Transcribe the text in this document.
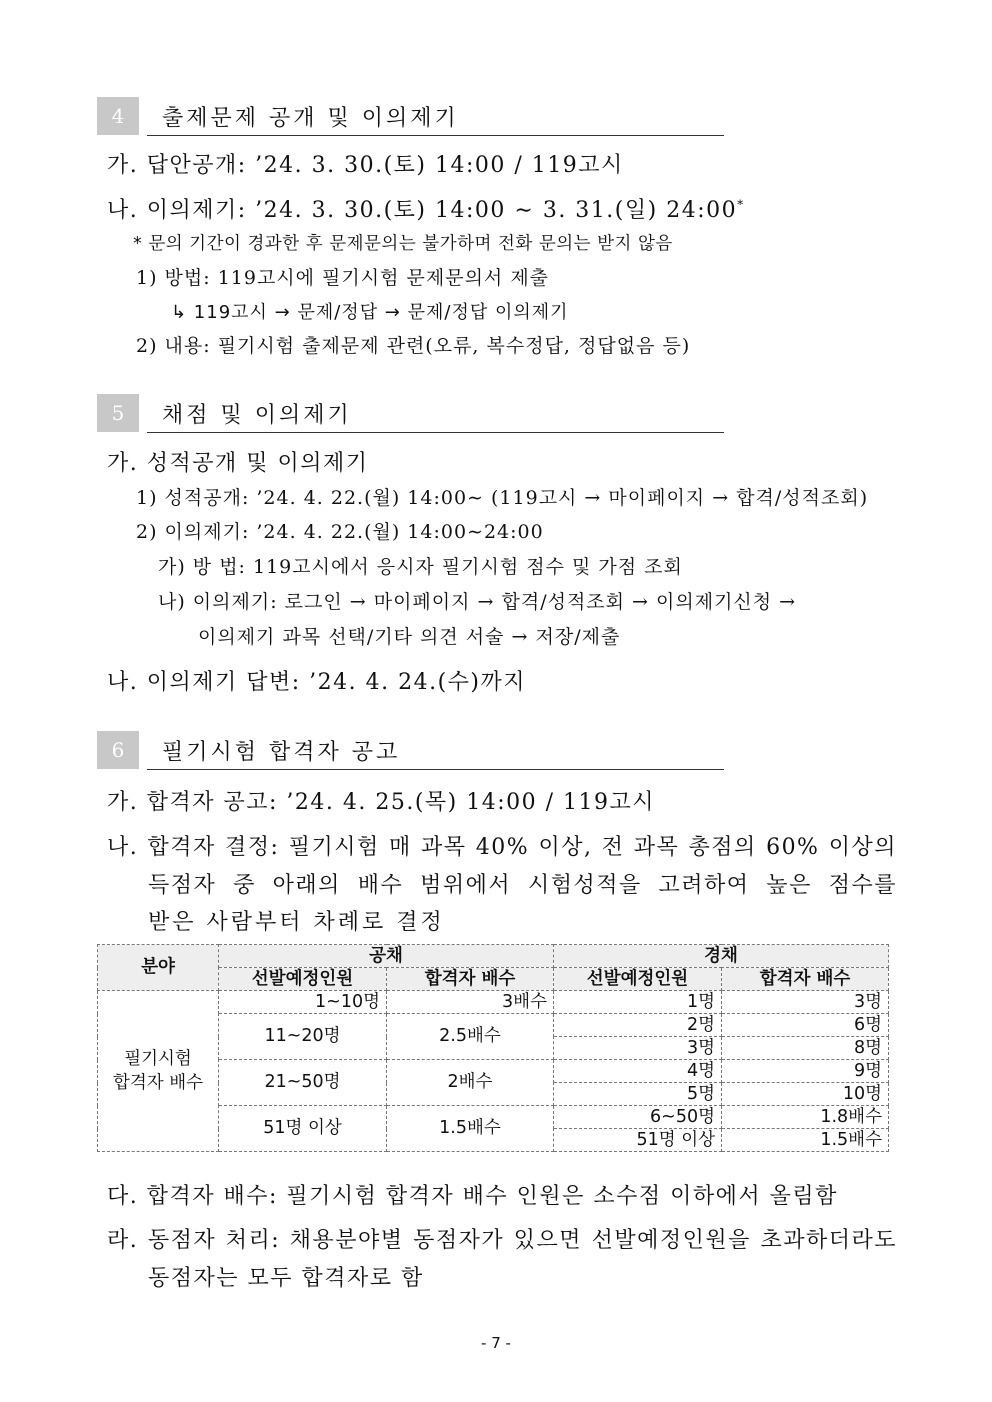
4	출제문제 공개 및 이의제기
가. 답안공개: ’24. 3. 30.(토) 14:00 / 119고시
나. 이의제기: ’24. 3. 30.(토) 14:00 ∼ 3. 31.(일) 24:00*
* 문의 기간이 경과한 후 문제문의는 불가하며 전화 문의는 받지 않음
1) 방법: 119고시에 필기시험 문제문의서 제출
↳ 119고시 → 문제/정답 → 문제/정답 이의제기
2) 내용: 필기시험 출제문제 관련(오류, 복수정답, 정답없음 등)
5	채점 및 이의제기
가. 성적공개 및 이의제기
1) 성적공개: ’24. 4. 22.(월) 14:00∼ (119고시 → 마이페이지 → 합격/성적조회)
2) 이의제기: ’24. 4. 22.(월) 14:00∼24:00
가) 방 법: 119고시에서 응시자 필기시험 점수 및 가점 조회
나) 이의제기: 로그인 → 마이페이지 → 합격/성적조회 → 이의제기신청 →
이의제기 과목 선택/기타 의견 서술 → 저장/제출
나. 이의제기 답변: ’24. 4. 24.(수)까지
6	필기시험 합격자 공고
가. 합격자 공고: ’24. 4. 25.(목) 14:00 / 119고시
나. 합격자 결정: 필기시험 매 과목 40% 이상, 전 과목 총점의 60% 이상의
득점자 중 아래의 배수 범위에서 시험성적을 고려하여 높은 점수를
받은 사람부터 차례로 결정
분야	공채		경채	
	선발예정인원	합격자 배수	선발예정인원	합격자 배수

필기시험
합격자 배수	1~10명	3배수	1명	3명
	11~20명	2.5배수	2명	6명
			3명	8명
	21~50명	2배수	4명	9명
			5명	10명
	51명 이상	1.5배수	6~50명	1.8배수
			51명 이상	1.5배수
다. 합격자 배수: 필기시험 합격자 배수 인원은 소수점 이하에서 올림함
라. 동점자 처리: 채용분야별 동점자가 있으면 선발예정인원을 초과하더라도
동점자는 모두 합격자로 함
- 7 -
